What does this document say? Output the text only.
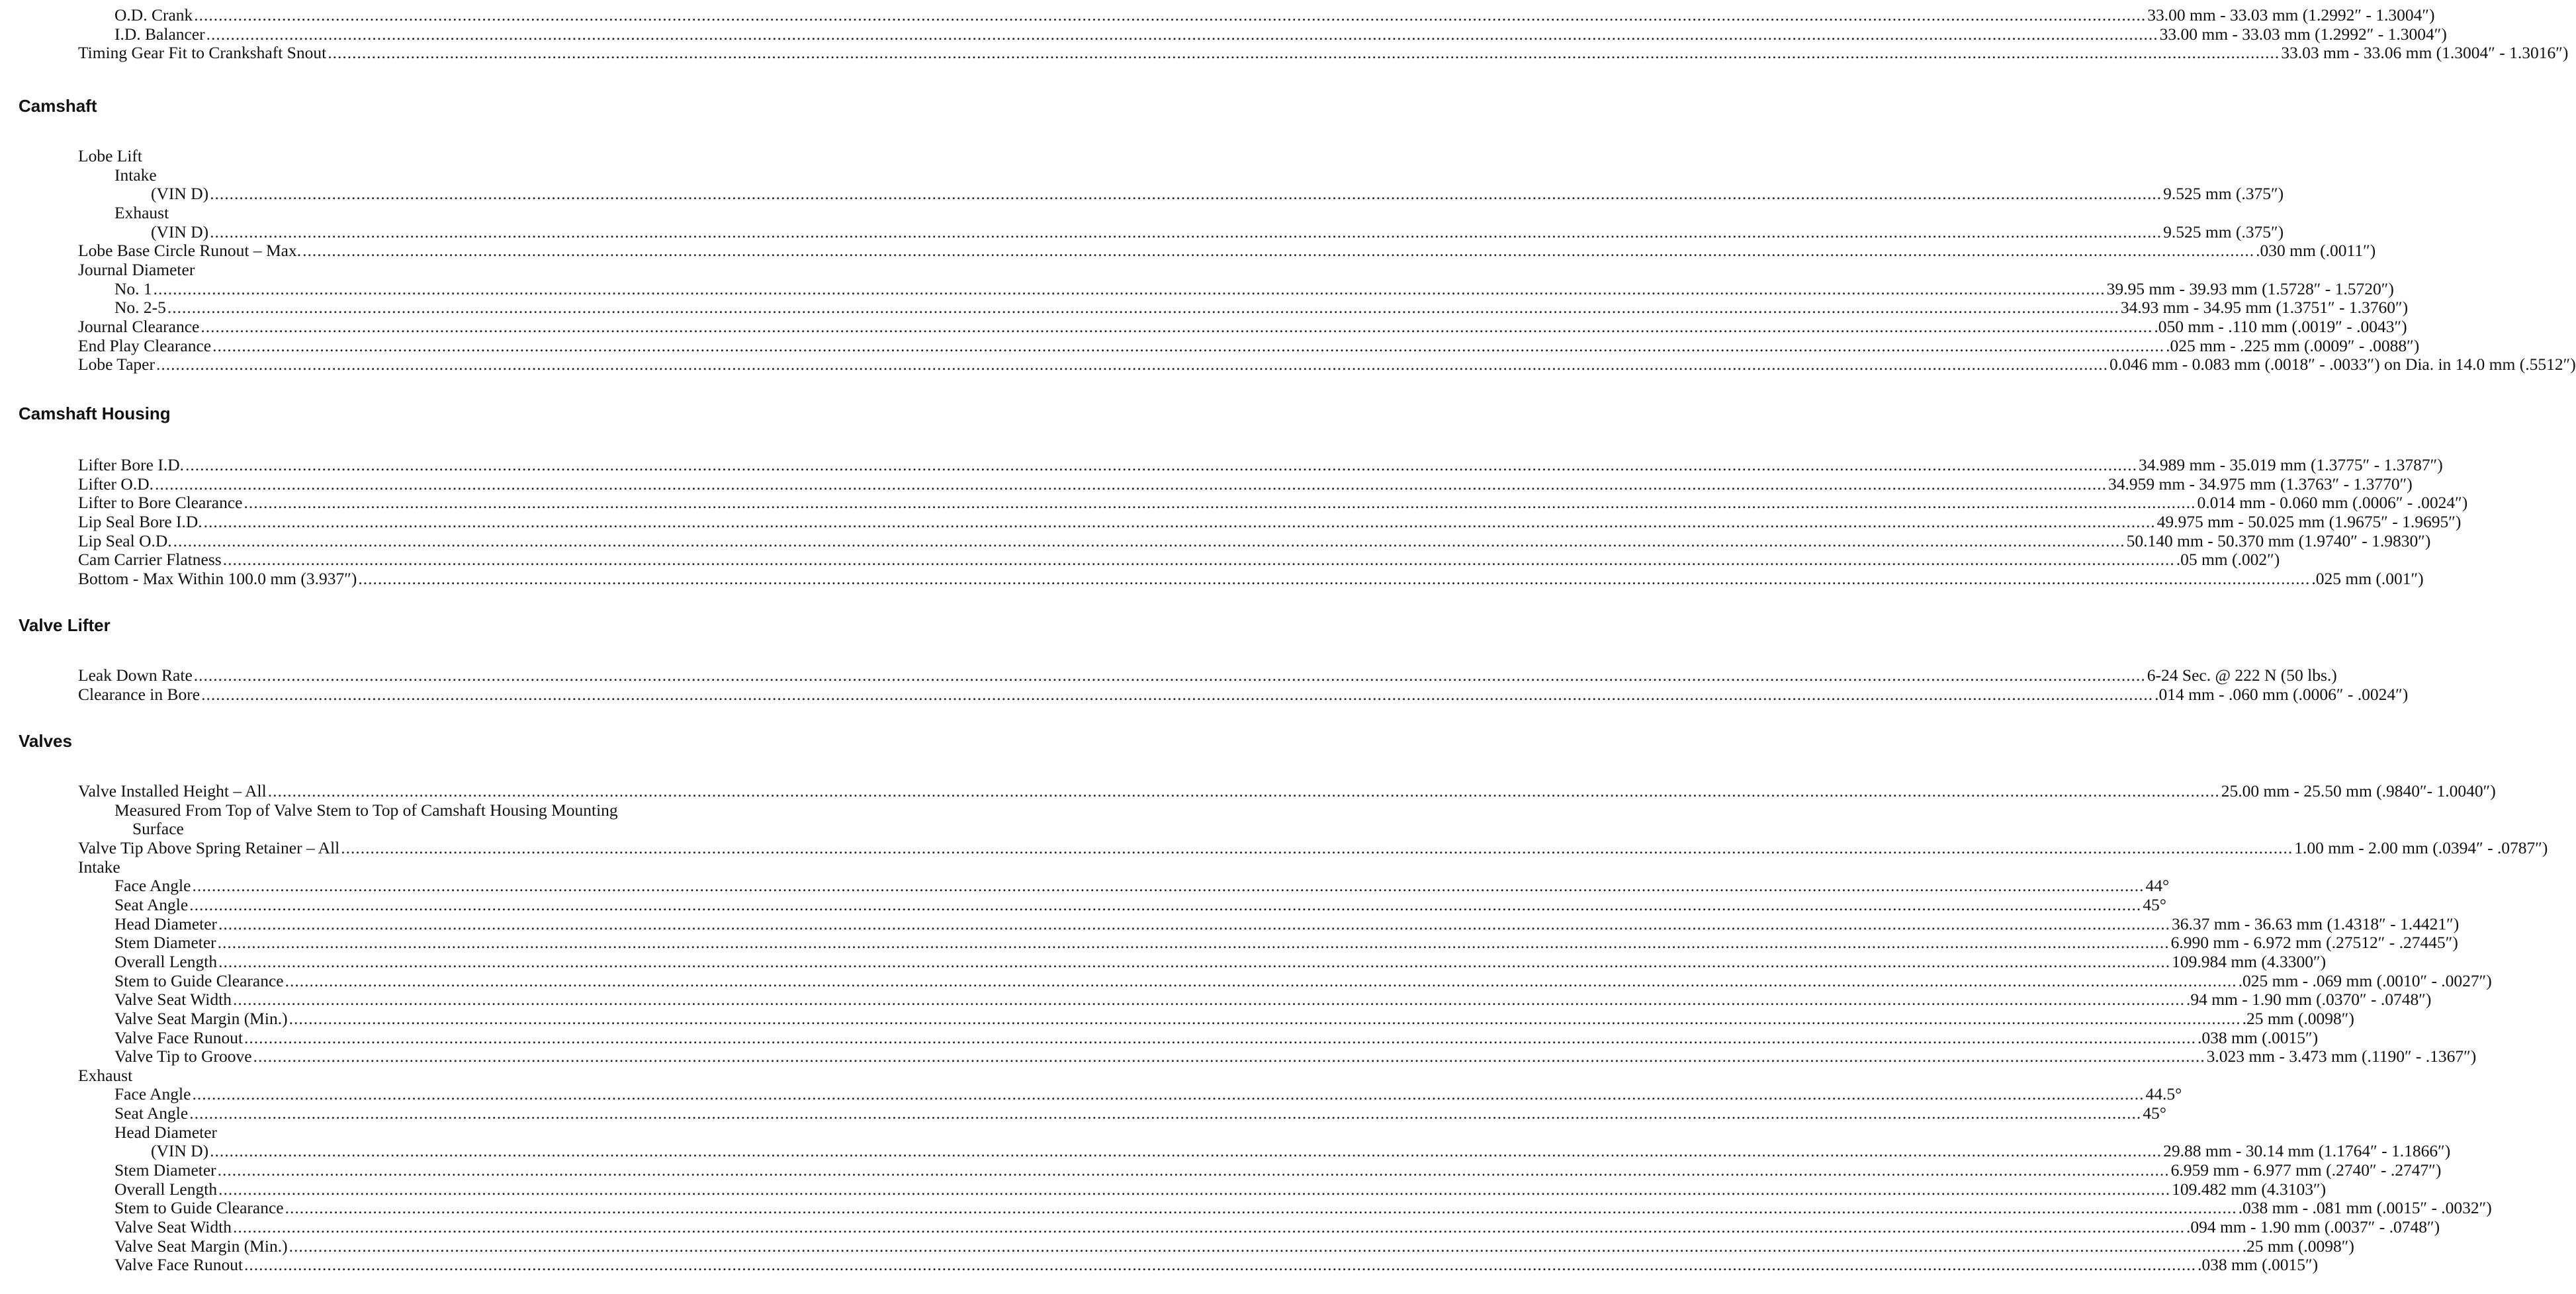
O.D. Crank ................................................................................................................................................................................................................................................................................................................................................................................................................ 33.00 mm - 33.03 mm (1.2992″ - 1.3004″)
I.D. Balancer ................................................................................................................................................................................................................................................................................................................................................................................................................ 33.00 mm - 33.03 mm (1.2992″ - 1.3004″)
Timing Gear Fit to Crankshaft Snout ................................................................................................................................................................................................................................................................................................................................................................................................................ 33.03 mm - 33.06 mm (1.3004″ - 1.3016″)
Camshaft
Lobe Lift
Intake
(VIN D) ................................................................................................................................................................................................................................................................................................................................................................................................................ 9.525 mm (.375″)
Exhaust
(VIN D) ................................................................................................................................................................................................................................................................................................................................................................................................................ 9.525 mm (.375″)
Lobe Base Circle Runout – Max. ................................................................................................................................................................................................................................................................................................................................................................................................................ .030 mm (.0011″)
Journal Diameter
No. 1 ................................................................................................................................................................................................................................................................................................................................................................................................................ 39.95 mm - 39.93 mm (1.5728″ - 1.5720″)
No. 2-5 ................................................................................................................................................................................................................................................................................................................................................................................................................ 34.93 mm - 34.95 mm (1.3751″ - 1.3760″)
Journal Clearance ................................................................................................................................................................................................................................................................................................................................................................................................................ .050 mm - .110 mm (.0019″ - .0043″)
End Play Clearance ................................................................................................................................................................................................................................................................................................................................................................................................................ .025 mm - .225 mm (.0009″ - .0088″)
Lobe Taper ................................................................................................................................................................................................................................................................................................................................................................................................................ 0.046 mm - 0.083 mm (.0018″ - .0033″) on Dia. in 14.0 mm (.5512″)
Camshaft Housing
Lifter Bore I.D. ................................................................................................................................................................................................................................................................................................................................................................................................................ 34.989 mm - 35.019 mm (1.3775″ - 1.3787″)
Lifter O.D. ................................................................................................................................................................................................................................................................................................................................................................................................................ 34.959 mm - 34.975 mm (1.3763″ - 1.3770″)
Lifter to Bore Clearance ................................................................................................................................................................................................................................................................................................................................................................................................................ 0.014 mm - 0.060 mm (.0006″ - .0024″)
Lip Seal Bore I.D. ................................................................................................................................................................................................................................................................................................................................................................................................................ 49.975 mm - 50.025 mm (1.9675″ - 1.9695″)
Lip Seal O.D. ................................................................................................................................................................................................................................................................................................................................................................................................................ 50.140 mm - 50.370 mm (1.9740″ - 1.9830″)
Cam Carrier Flatness ................................................................................................................................................................................................................................................................................................................................................................................................................ .05 mm (.002″)
Bottom - Max Within 100.0 mm (3.937″) ................................................................................................................................................................................................................................................................................................................................................................................................................ .025 mm (.001″)
Valve Lifter
Leak Down Rate ................................................................................................................................................................................................................................................................................................................................................................................................................ 6-24 Sec. @ 222 N (50 lbs.)
Clearance in Bore ................................................................................................................................................................................................................................................................................................................................................................................................................ .014 mm - .060 mm (.0006″ - .0024″)
Valves
Valve Installed Height – All ................................................................................................................................................................................................................................................................................................................................................................................................................ 25.00 mm - 25.50 mm (.9840″- 1.0040″)
Measured From Top of Valve Stem to Top of Camshaft Housing Mounting
Surface
Valve Tip Above Spring Retainer – All ................................................................................................................................................................................................................................................................................................................................................................................................................ 1.00 mm - 2.00 mm (.0394″ - .0787″)
Intake
Face Angle ................................................................................................................................................................................................................................................................................................................................................................................................................ 44°
Seat Angle ................................................................................................................................................................................................................................................................................................................................................................................................................ 45°
Head Diameter ................................................................................................................................................................................................................................................................................................................................................................................................................ 36.37 mm - 36.63 mm (1.4318″ - 1.4421″)
Stem Diameter ................................................................................................................................................................................................................................................................................................................................................................................................................ 6.990 mm - 6.972 mm (.27512″ - .27445″)
Overall Length ................................................................................................................................................................................................................................................................................................................................................................................................................ 109.984 mm (4.3300″)
Stem to Guide Clearance ................................................................................................................................................................................................................................................................................................................................................................................................................ .025 mm - .069 mm (.0010″ - .0027″)
Valve Seat Width ................................................................................................................................................................................................................................................................................................................................................................................................................ .94 mm - 1.90 mm (.0370″ - .0748″)
Valve Seat Margin (Min.) ................................................................................................................................................................................................................................................................................................................................................................................................................ .25 mm (.0098″)
Valve Face Runout ................................................................................................................................................................................................................................................................................................................................................................................................................ .038 mm (.0015″)
Valve Tip to Groove ................................................................................................................................................................................................................................................................................................................................................................................................................ 3.023 mm - 3.473 mm (.1190″ - .1367″)
Exhaust
Face Angle ................................................................................................................................................................................................................................................................................................................................................................................................................ 44.5°
Seat Angle ................................................................................................................................................................................................................................................................................................................................................................................................................ 45°
Head Diameter
(VIN D) ................................................................................................................................................................................................................................................................................................................................................................................................................ 29.88 mm - 30.14 mm (1.1764″ - 1.1866″)
Stem Diameter ................................................................................................................................................................................................................................................................................................................................................................................................................ 6.959 mm - 6.977 mm (.2740″ - .2747″)
Overall Length ................................................................................................................................................................................................................................................................................................................................................................................................................ 109.482 mm (4.3103″)
Stem to Guide Clearance ................................................................................................................................................................................................................................................................................................................................................................................................................ .038 mm - .081 mm (.0015″ - .0032″)
Valve Seat Width ................................................................................................................................................................................................................................................................................................................................................................................................................ .094 mm - 1.90 mm (.0037″ - .0748″)
Valve Seat Margin (Min.) ................................................................................................................................................................................................................................................................................................................................................................................................................ .25 mm (.0098″)
Valve Face Runout ................................................................................................................................................................................................................................................................................................................................................................................................................ .038 mm (.0015″)
